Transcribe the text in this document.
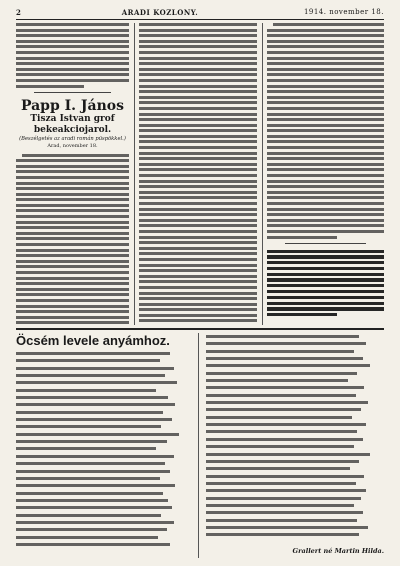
2	ARADI KOZLONY.	1914. november 18.
Papp I. János
Tisza Istvan grof bekeakciojarol.
(Beszélgetés az aradi román püspökkel.)
Arad, november 18.
Öcsém levele anyámhoz.
Grallert né Martin Hilda.
